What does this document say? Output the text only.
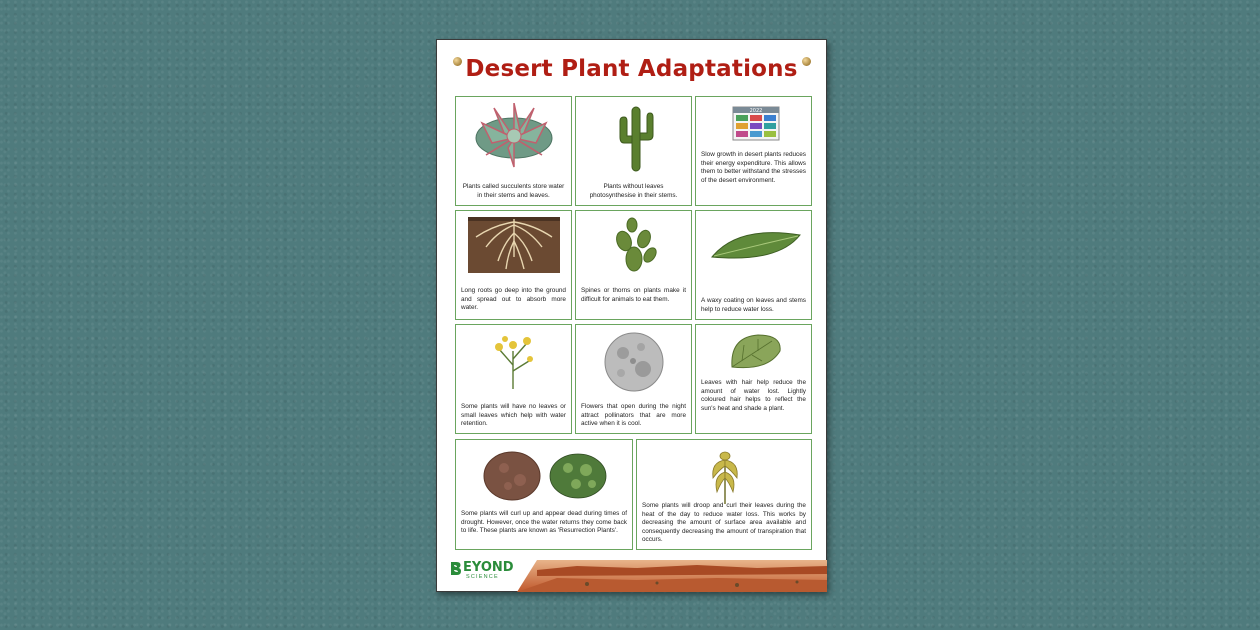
Desert Plant Adaptations
Plants called succulents store water in their stems and leaves.
Plants without leaves photosynthesise in their stems.
2022
Slow growth in desert plants reduces their energy expenditure. This allows them to better withstand the stresses of the desert environment.
Long roots go deep into the ground and spread out to absorb more water.
Spines or thorns on plants make it difficult for animals to eat them.	A waxy coating on leaves and stems help to reduce water loss.
Some plants will have no leaves or small leaves which help with water retention.
Flowers that open during the night attract pollinators that are more active when it is cool.
Leaves with hair help reduce the amount of water lost. Lightly coloured hair helps to reflect the sun's heat and shade a plant.
Some plants will curl up and appear dead during times of drought. However, once the water returns they come back to life. These plants are known as 'Resurrection Plants'.
Some plants will droop and curl their leaves during the heat of the day to reduce water loss. This works by decreasing the amount of surface area available and consequently decreasing the amount of transpiration that occurs.
EYOND
SCIENCE
